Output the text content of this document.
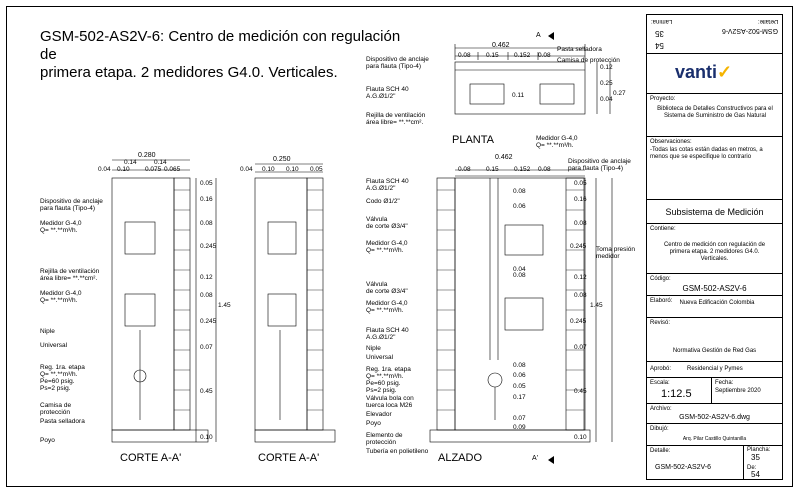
GSM-502-AS2V-6: Centro de medición con regulación de
primera etapa. 2 medidores G4.0. Verticales.
0.462
0.08 0.15 0.152 0.08
0.12
0.25
0.27
0.04
0.11
Pasta selladora
Camisa de protección
Dispositivo de anclaje
para flauta (Tipo-4)
Flauta SCH 40
A.G.Ø1/2"
Rejilla de ventilación
área libre= **.**cm².
Medidor G-4,0
Q= **.**m³/h.
PLANTA
0.280
0.14	0.14
0.04 0.10 0.075 0.065
Dispositivo de anclaje
para flauta (Tipo-4)
Medidor G-4,0
Q= **.**m³/h.
Rejilla de ventilación
área libre= **.**cm².
Medidor G-4,0
Q= **.**m³/h.
Niple
Universal
Reg. 1ra. etapa
Q= **.**m³/h.
Pe=60 psig.
Ps=2 psig.
Camisa de
protección
Pasta selladora
Poyo
CORTE A-A'
0.250
0.04 0.10 0.10 0.05
CORTE A-A'
0.05
0.16
0.08
0.245
0.12
0.08
0.245
0.07
0.45
0.10
1.45
0.462
0.08 0.15 0.152 0.08
0.08
0.06
0.04
0.08
0.08
0.06
0.05
0.17
0.07
0.09
0.05
0.16
0.08
0.245
0.12
0.08
0.245
0.07
0.45
0.10
1.45
Flauta SCH 40
A.G.Ø1/2"
Codo Ø1/2"
Válvula
de corte Ø3/4"
Medidor G-4,0
Q= **.**m³/h.
Válvula
de corte Ø3/4"
Medidor G-4,0
Q= **.**m³/h.
Flauta SCH 40
A.G.Ø1/2"
Niple
Universal
Reg. 1ra. etapa
Q= **.**m³/h.
Pe=60 psig.
Ps=2 psig.
Válvula bola con
tuerca loca M26
Elevador
Poyo
Elemento de
protección
Tubería en polietileno
Dispositivo de anclaje
para flauta (Tipo-4)
Toma presión
medidor
ALZADO
A
A'
Detalle:
GSM-502-AS2V-6
Lámina:
35
54
vanti✓
Proyecto:
Biblioteca de Detalles Constructivos para el Sistema de Suministro de Gas Natural
Observaciones:
-Todas las cotas están dadas en metros, a menos que se especifique lo contrario
Subsistema de Medición
Contiene:
Centro de medición con regulación de primera etapa. 2 medidores G4.0. Verticales.
Código:
GSM-502-AS2V-6
Elaboró:	Nueva Edificación Colombia
Revisó:
Normativa Gestión de Red Gas
Aprobó:	Residencial y Pymes
Escala:
1:12.5
Fecha:
Septiembre 2020
Archivo:
GSM-502-AS2V-6.dwg
Dibujó:
Arq. Pilar Castillo Quintanilla
Detalle:
GSM-502-AS2V-6
Plancha:
35
De:
54
